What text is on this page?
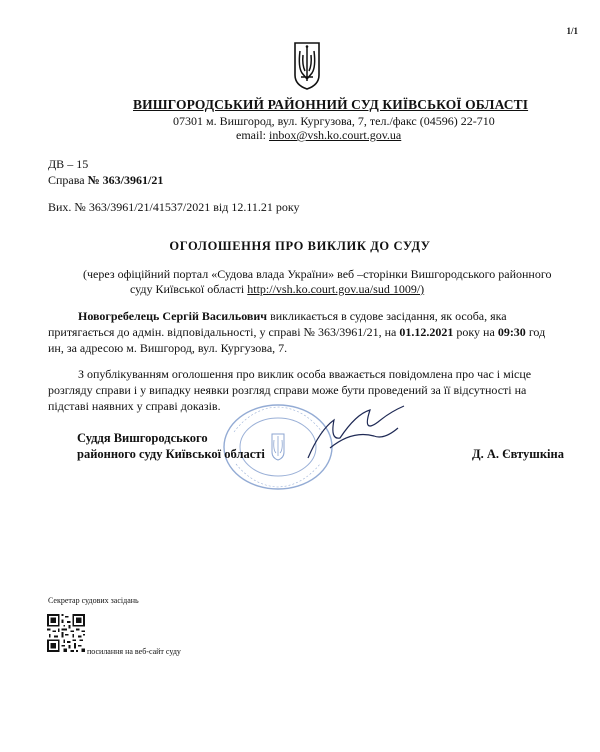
1/1
ВИШГОРОДСЬКИЙ РАЙОННИЙ СУД КИЇВСЬКОЇ ОБЛАСТІ
07301 м. Вишгород, вул. Кургузова, 7, тел./факс (04596) 22-710
email: inbox@vsh.ko.court.gov.ua
ДВ – 15
Справа № 363/3961/21
Вих. № 363/3961/21/41537/2021 від 12.11.21 року
ОГОЛОШЕННЯ ПРО ВИКЛИК ДО СУДУ
(через офіційний портал «Судова влада України» веб –сторінки Вишгородського районного
суду Київської області http://vsh.ko.court.gov.ua/sud 1009/)
Новогребелець Сергій Васильович викликається в судове засідання, як особа, яка
притягається до адмін. відповідальності, у справі № 363/3961/21, на 01.12.2021 року на 09:30 год
ин, за адресою м. Вишгород, вул. Кургузова, 7.
З опублікуванням оголошення про виклик особа вважається повідомлена про час і місце
розгляду справи і у випадку неявки розгляд справи може бути проведений за її відсутності на
підставі наявних у справі доказів.
Суддя Вишгородського
районного суду Київської області	Д. А. Євтушкіна
Секретар судових засідань
посилання на веб-сайт суду
